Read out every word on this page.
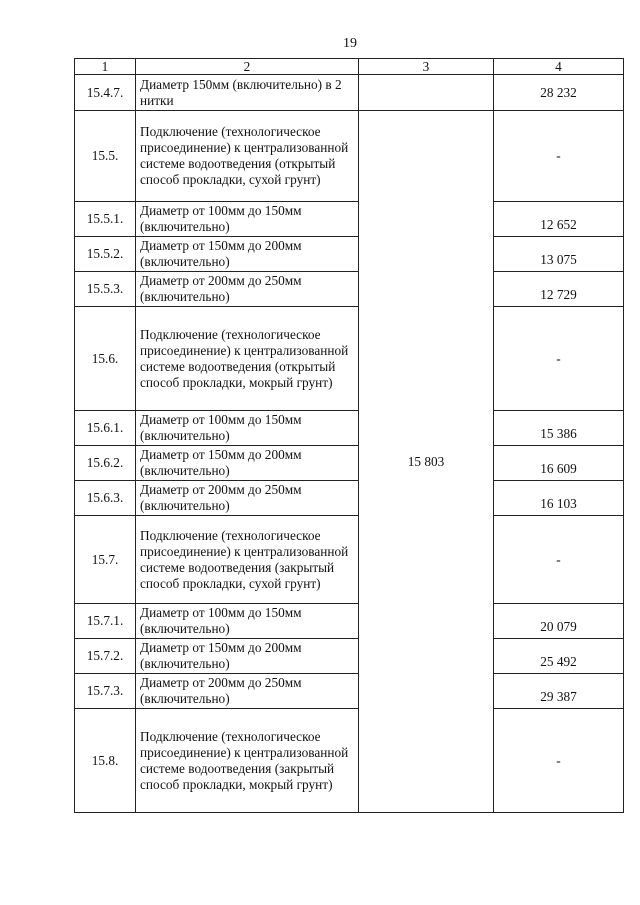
19
1	2	3	4
15.4.7.	Диаметр 150мм (включительно) в 2 нитки		28 232
15.5.	Подключение (технологическое присоединение) к централизованной системе водоотведения (открытый способ прокладки, сухой грунт)	15 803	-
15.5.1.	Диаметр от 100мм до 150мм (включительно)		12 652
15.5.2.	Диаметр от 150мм до 200мм (включительно)		13 075
15.5.3.	Диаметр от 200мм до 250мм (включительно)		12 729
15.6.	Подключение (технологическое присоединение) к централизованной системе водоотведения (открытый способ прокладки, мокрый грунт)		-
15.6.1.	Диаметр от 100мм до 150мм (включительно)		15 386
15.6.2.	Диаметр от 150мм до 200мм (включительно)		16 609
15.6.3.	Диаметр от 200мм до 250мм (включительно)		16 103
15.7.	Подключение (технологическое присоединение) к централизованной системе водоотведения (закрытый способ прокладки, сухой грунт)		-
15.7.1.	Диаметр от 100мм до 150мм (включительно)		20 079
15.7.2.	Диаметр от 150мм до 200мм (включительно)		25 492
15.7.3.	Диаметр от 200мм до 250мм (включительно)		29 387
15.8.	Подключение (технологическое присоединение) к централизованной системе водоотведения (закрытый способ прокладки, мокрый грунт)		-
